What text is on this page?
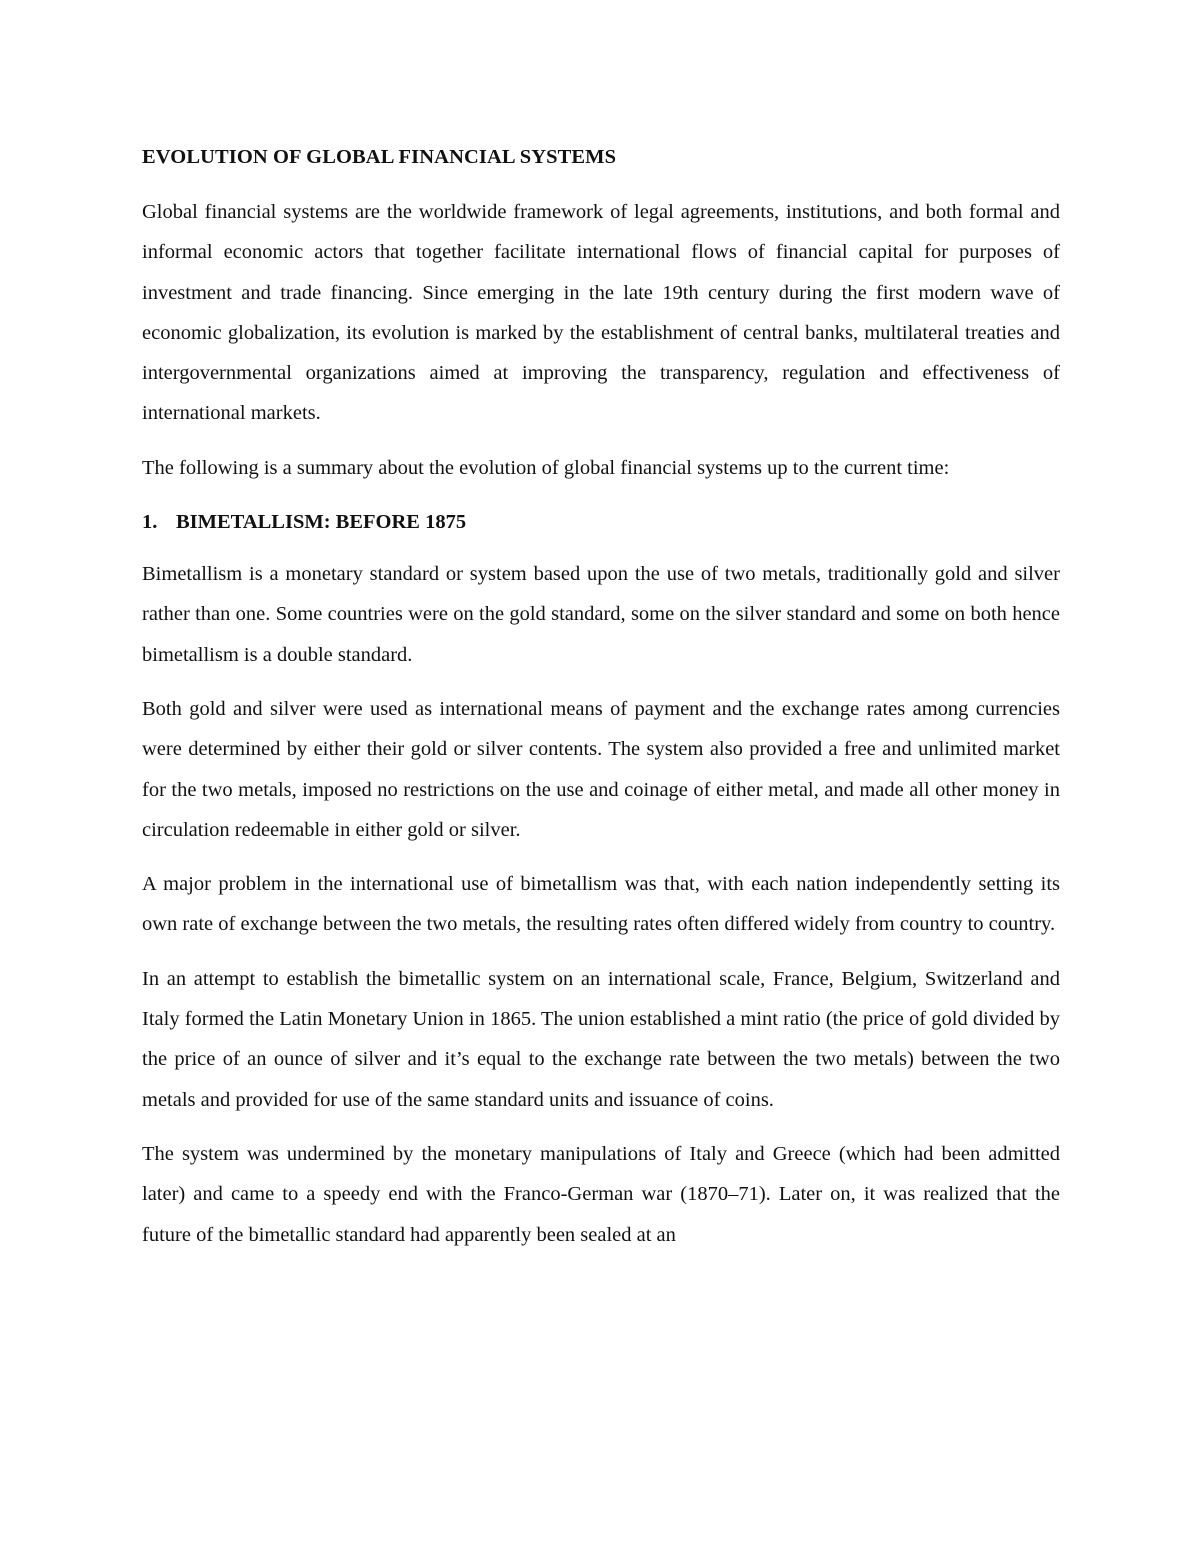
EVOLUTION OF GLOBAL FINANCIAL SYSTEMS

Global financial systems are the worldwide framework of legal agreements, institutions, and both formal and informal economic actors that together facilitate international flows of financial capital for purposes of investment and trade financing. Since emerging in the late 19th century during the first modern wave of economic globalization, its evolution is marked by the establishment of central banks, multilateral treaties and intergovernmental organizations aimed at improving the transparency, regulation and effectiveness of international markets.

The following is a summary about the evolution of global financial systems up to the current time:

1. BIMETALLISM: BEFORE 1875

Bimetallism is a monetary standard or system based upon the use of two metals, traditionally gold and silver rather than one. Some countries were on the gold standard, some on the silver standard and some on both hence bimetallism is a double standard.

Both gold and silver were used as international means of payment and the exchange rates among currencies were determined by either their gold or silver contents. The system also provided a free and unlimited market for the two metals, imposed no restrictions on the use and coinage of either metal, and made all other money in circulation redeemable in either gold or silver.

A major problem in the international use of bimetallism was that, with each nation independently setting its own rate of exchange between the two metals, the resulting rates often differed widely from country to country.

In an attempt to establish the bimetallic system on an international scale, France, Belgium, Switzerland and Italy formed the Latin Monetary Union in 1865. The union established a mint ratio (the price of gold divided by the price of an ounce of silver and it’s equal to the exchange rate between the two metals) between the two metals and provided for use of the same standard units and issuance of coins.

The system was undermined by the monetary manipulations of Italy and Greece (which had been admitted later) and came to a speedy end with the Franco-German war (1870–71). Later on, it was realized that the future of the bimetallic standard had apparently been sealed at an
